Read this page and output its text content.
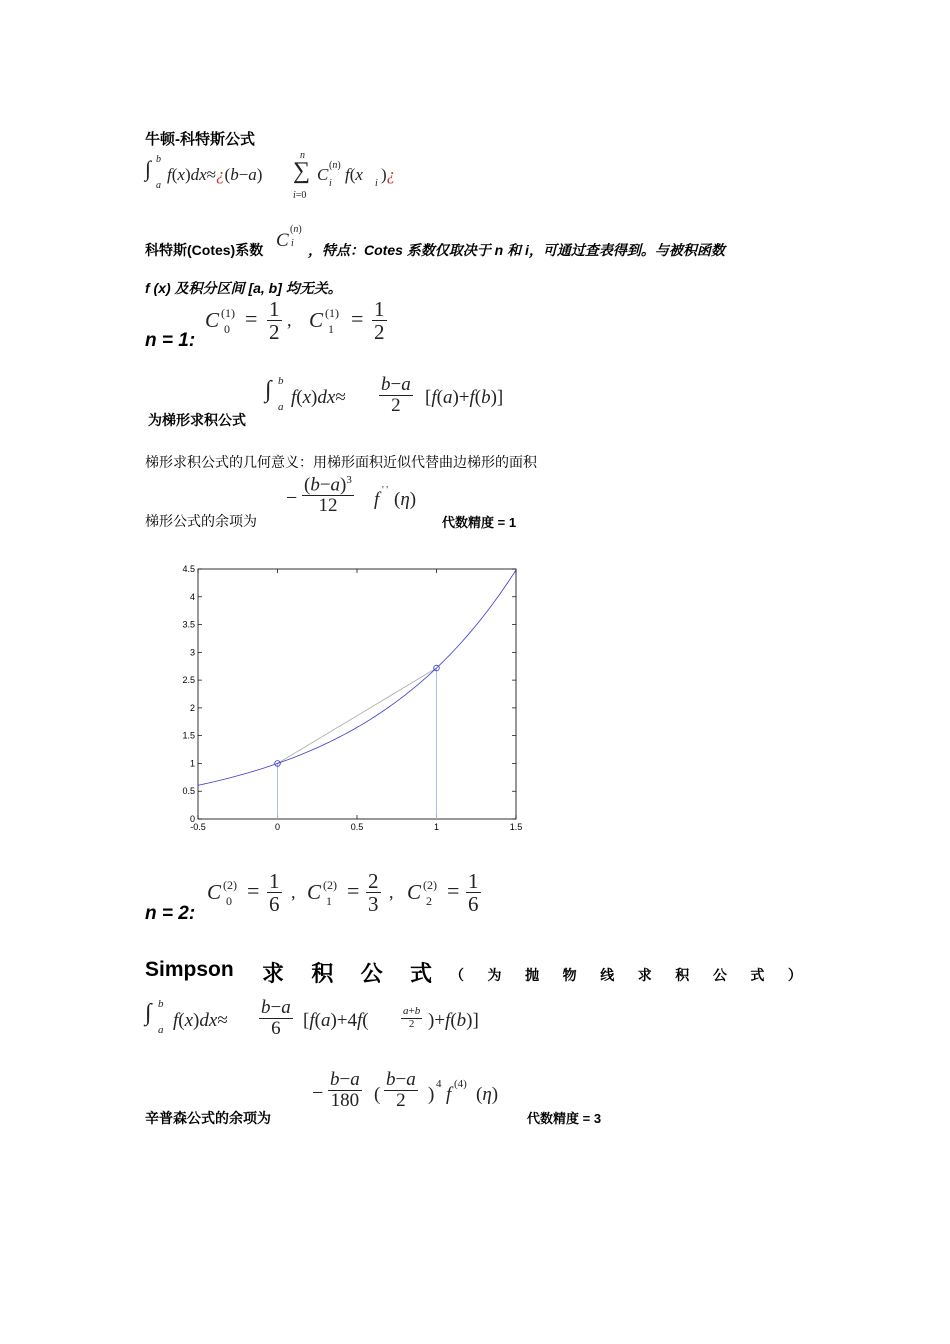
牛顿-科特斯公式
∫ b
a
f(x)dx≈¿(b−a) ∑
n
i=0
C (n)
i f(x i )¿
科特斯(Cotes)系数 C
(n)
i ，特点：Cotes 系数仅取决于 n 和 i，可通过查表得到。与被积函数
f (x) 及积分区间 [a, b] 均无关。
n = 1:
C (1)
$0 = \frac{1}{2}$ , C (1)
$1 = \frac{1}{2}$
为梯形求积公式
∫ b
a $f(x)dx\approx \frac{b-a}{2} [f(a)+f(b)]$
梯形求积公式的几何意义：用梯形面积近似代替曲边梯形的面积
梯形公式的余项为
− $\frac{(b-a)^3}{12}$ f ' ' (η)
代数精度 = 1
-0.5	0	0.5	1	1.5
0
0.5
1
1.5
2
2.5
3
3.5
4
4.5
n = 2:
C (2)
$0 = \frac{1}{6}$ , C (2)
$1 = \frac{2}{3}$ , C (2)
$2 = \frac{1}{6}$
Simpson 求 积 公 式 （ 为 抛 物 线 求 积 公 式 ）
∫ b
a $f(x)dx\approx \frac{b-a}{6} [f(a)+4f$(	$\frac{a+b}{2} )+f(b)$]
辛普森公式的余项为
− $\frac{b-a}{180}$ ( $\frac{b-a}{2}$ ) 4 f (4) (η)
代数精度 = 3
